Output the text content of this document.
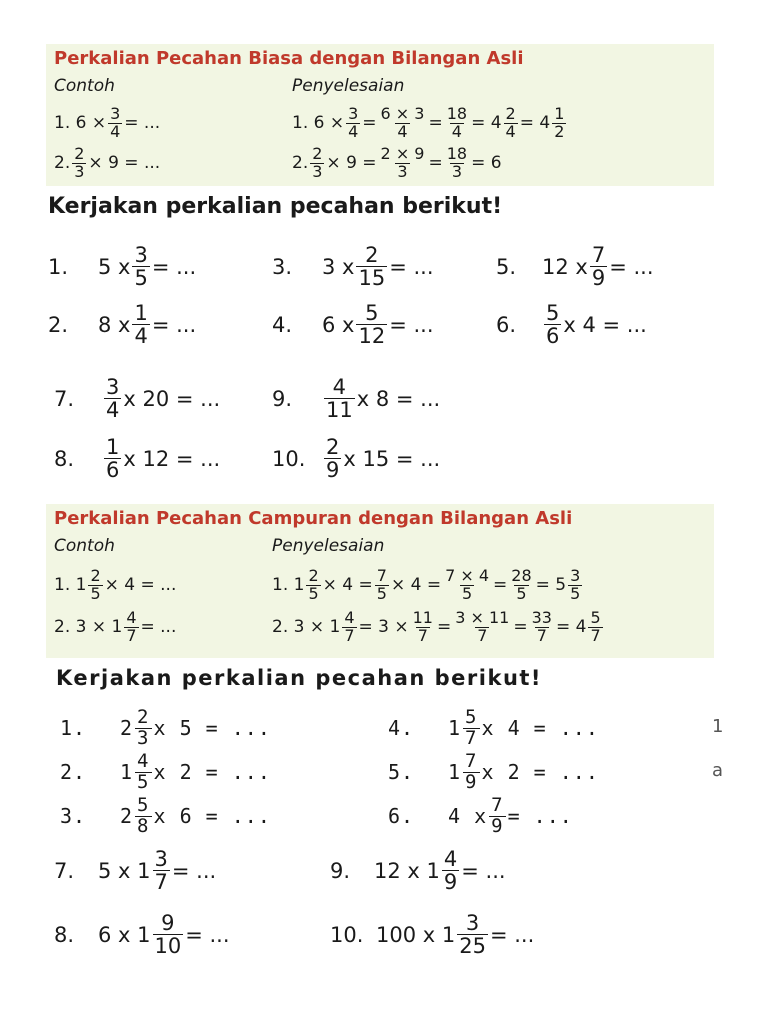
Perkalian Pecahan Biasa dengan Bilangan Asli
Contoh	Penyelesaian
1. $6 \times \frac{3}{4}$ = ...	1. $6 \times \frac{3}{4} = \frac{6 \times 3}{4} = \frac{18}{4} = 4 \frac{2}{4} = 4 \frac{1}{2}$
2. $\frac{2}{3} \times 9$ = ...	2. $\frac{2}{3} \times 9 = \frac{2 \times 9}{3} = \frac{18}{3} = 6$
Kerjakan perkalian pecahan berikut!
1.	5 x $\frac{3}{5}$ = ...
2.	8 x $\frac{1}{4}$ = ...
3.	3 x $\frac{2}{15}$ = ...
4.	6 x $\frac{5}{12}$ = ...
5.	12 x $\frac{7}{9}$ = ...
6.	$\frac{5}{6}$ x 4 = ...
7.	$\frac{3}{4}$ x 20 = ...
8.	$\frac{1}{6}$ x 12 = ...
9.	$\frac{4}{11}$ x 8 = ...
10. $\frac{2}{9}$ x 15 = ...
Perkalian Pecahan Campuran dengan Bilangan Asli
Contoh	Penyelesaian
1. $1 \frac{2}{5} \times 4$ = ...	1. $1 \frac{2}{5} \times 4 = \frac{7}{5} \times 4 = \frac{7 \times 4}{5} = \frac{28}{5} = 5 \frac{3}{5}$
2. $3 \times 1 \frac{4}{7}$ = ...	2. $3 \times 1 \frac{4}{7} = 3 \times \frac{11}{7} = \frac{3 \times 11}{7} = \frac{33}{7} = 4 \frac{5}{7}$
Kerjakan perkalian pecahan berikut!
1.	$2 \frac{2}{3}$ x 5 = ...
2.	$1 \frac{4}{5}$ x 2 = ...
3.	$2 \frac{5}{8}$ x 6 = ...
4.	$1 \frac{5}{7}$ x 4 = ...
5.	$1 \frac{7}{9}$ x 2 = ...
6.	4 x $\frac{7}{9}$ = ...
1
a
7.	5 x $1 \frac{3}{7}$ = ...
8.	6 x $1 \frac{9}{10}$ = ...
9.	12 x $1 \frac{4}{9}$ = ...
10. 100 x $1 \frac{3}{25}$ = ...
